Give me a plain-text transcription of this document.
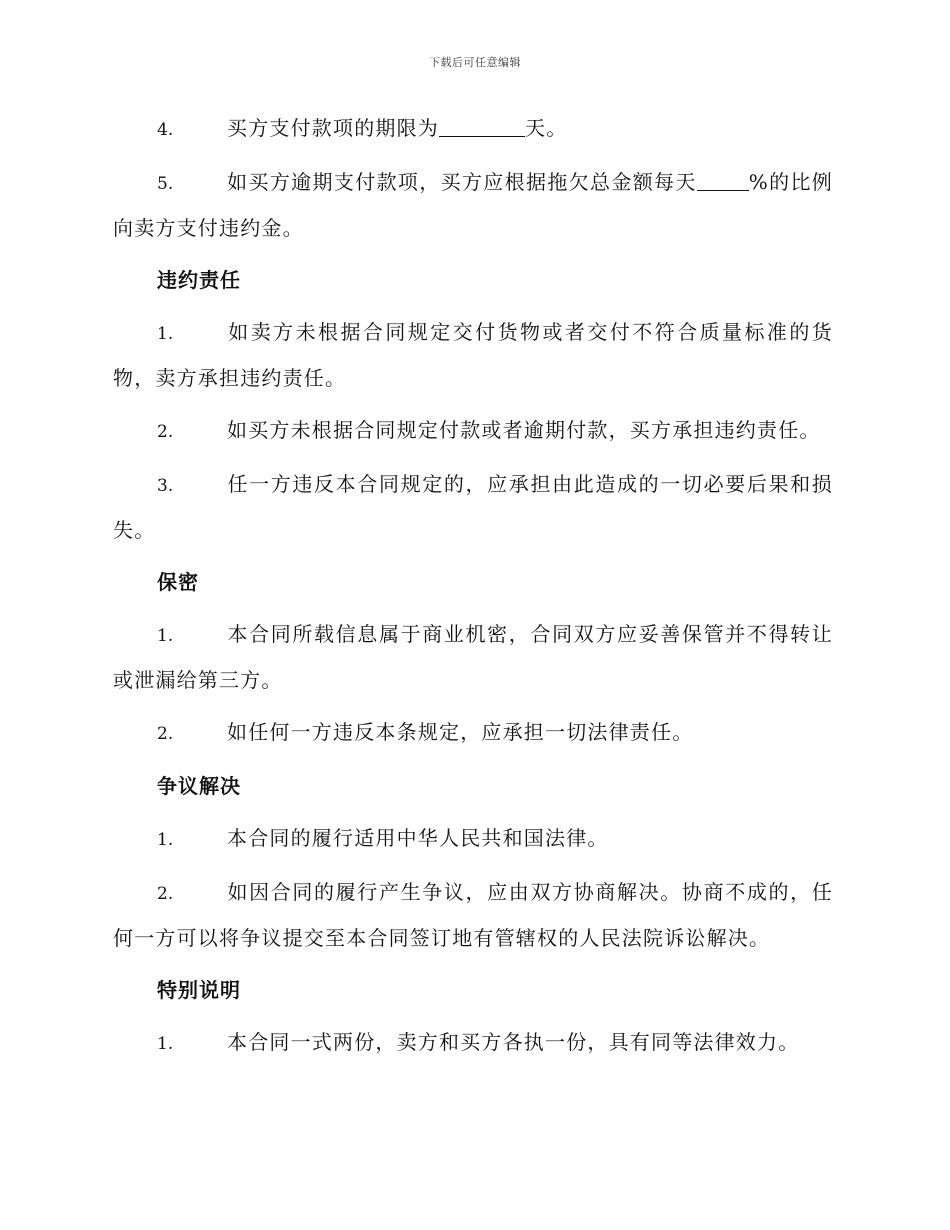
下载后可任意编辑

4.	买方支付款项的期限为	天。

5.	如买方逾期支付款项，买方应根据拖欠总金额每天	%的比例向卖方支付违约金。

违约责任

1.	如卖方未根据合同规定交付货物或者交付不符合质量标准的货物，卖方承担违约责任。

2.	如买方未根据合同规定付款或者逾期付款，买方承担违约责任。

3.	任一方违反本合同规定的，应承担由此造成的一切必要后果和损失。

保密

1.	本合同所载信息属于商业机密，合同双方应妥善保管并不得转让或泄漏给第三方。

2.	如任何一方违反本条规定，应承担一切法律责任。

争议解决

1.	本合同的履行适用中华人民共和国法律。

2.	如因合同的履行产生争议，应由双方协商解决。协商不成的，任何一方可以将争议提交至本合同签订地有管辖权的人民法院诉讼解决。

特别说明

1.	本合同一式两份，卖方和买方各执一份，具有同等法律效力。
